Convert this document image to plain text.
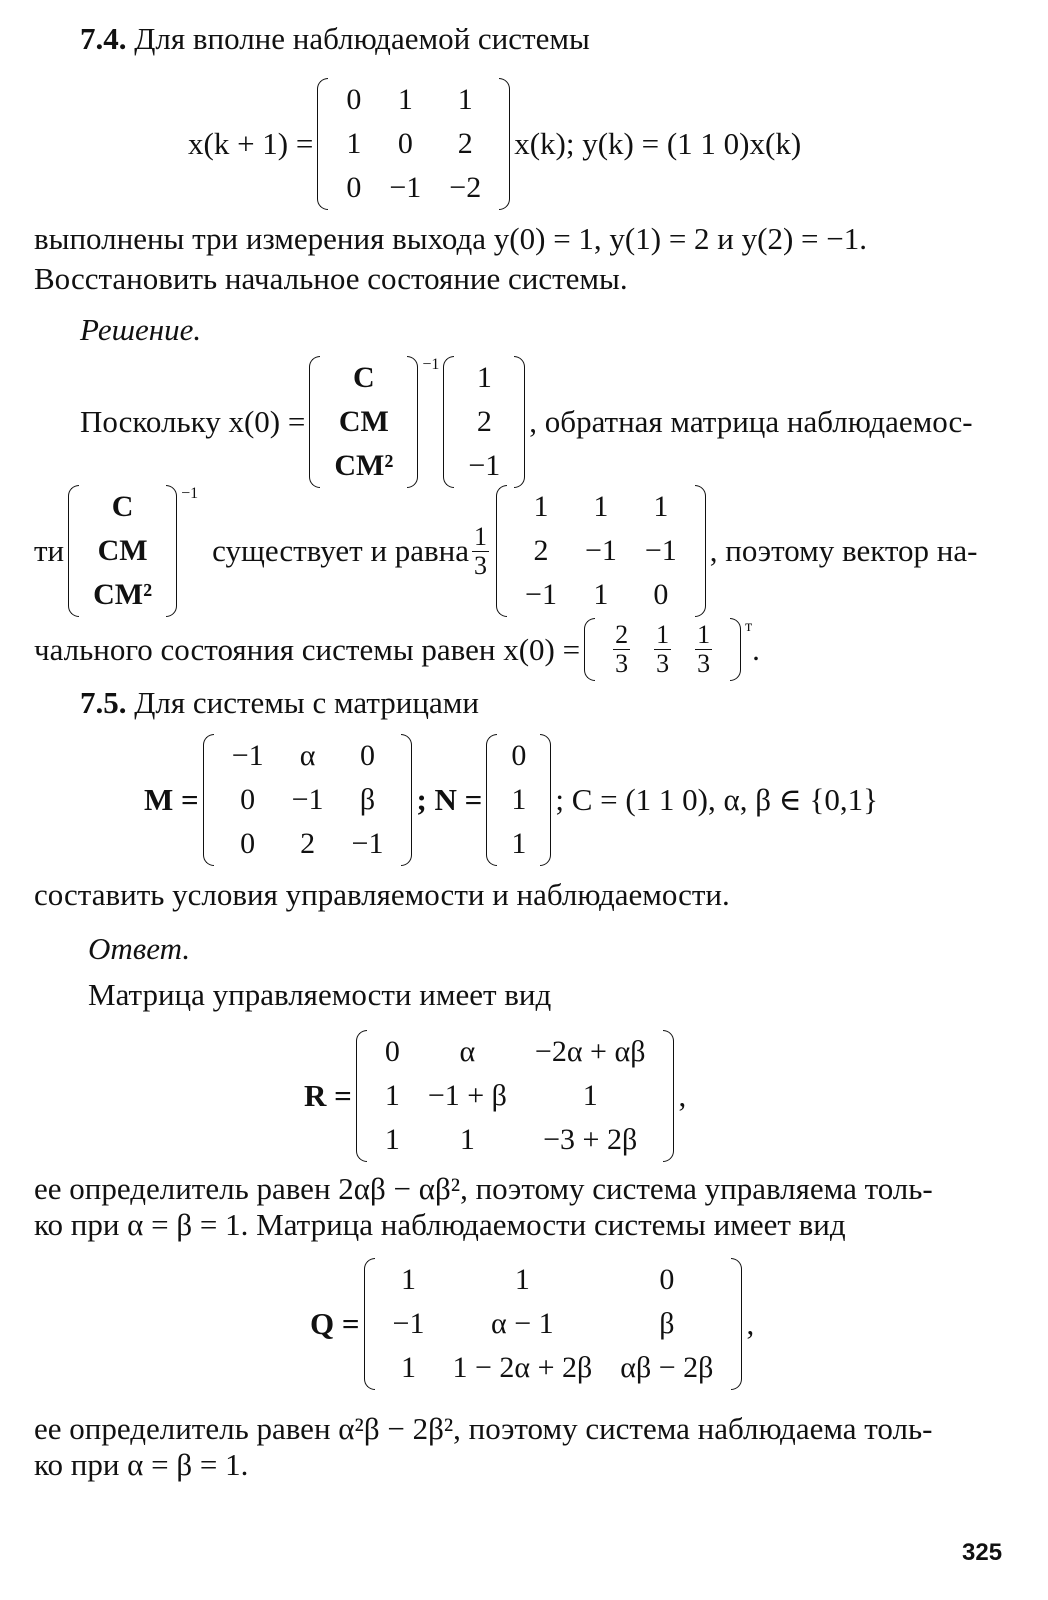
7.4. Для вполне наблюдаемой системы
x(k + 1) =
0	1	1
1	0	2
0	−1	−2
x(k); y(k) = (1 1 0)x(k)
выполнены три измерения выхода y(0) = 1, y(1) = 2 и y(2) = −1.
Восстановить начальное состояние системы.
Решение.
Поскольку x(0) =
C
CM
CM²
$^{-1}$ 1
2
−1
, обратная матрица наблюдаемос-
ти
C
CM
CM²
$^{-1}$
существует и равна $\frac{1}{3}$
1	1	1
2	−1	−1
−1	1	0
, поэтому вектор на-
чального состояния системы равен $x(0) = \frac{2}{3} \frac{1}{3} \frac{1}{3} ^т$
.
7.5. Для системы с матрицами
M =
−1	α	0
0	−1	β
0	2	−1
; N =
0
1
1
; C = (1 1 0), α, β ∈ {0,1}
составить условия управляемости и наблюдаемости.
Ответ.
Матрица управляемости имеет вид
R =
0	α	−2α + αβ
1	−1 + β	1
1	1	−3 + 2β
,
ее определитель равен 2αβ − αβ², поэтому система управляема толь-
ко при α = β = 1. Матрица наблюдаемости системы имеет вид
Q =
1	1	0
−1	α − 1	β
1	1 − 2α + 2β	αβ − 2β
,
ее определитель равен α²β − 2β², поэтому система наблюдаема толь-
ко при α = β = 1.
325
